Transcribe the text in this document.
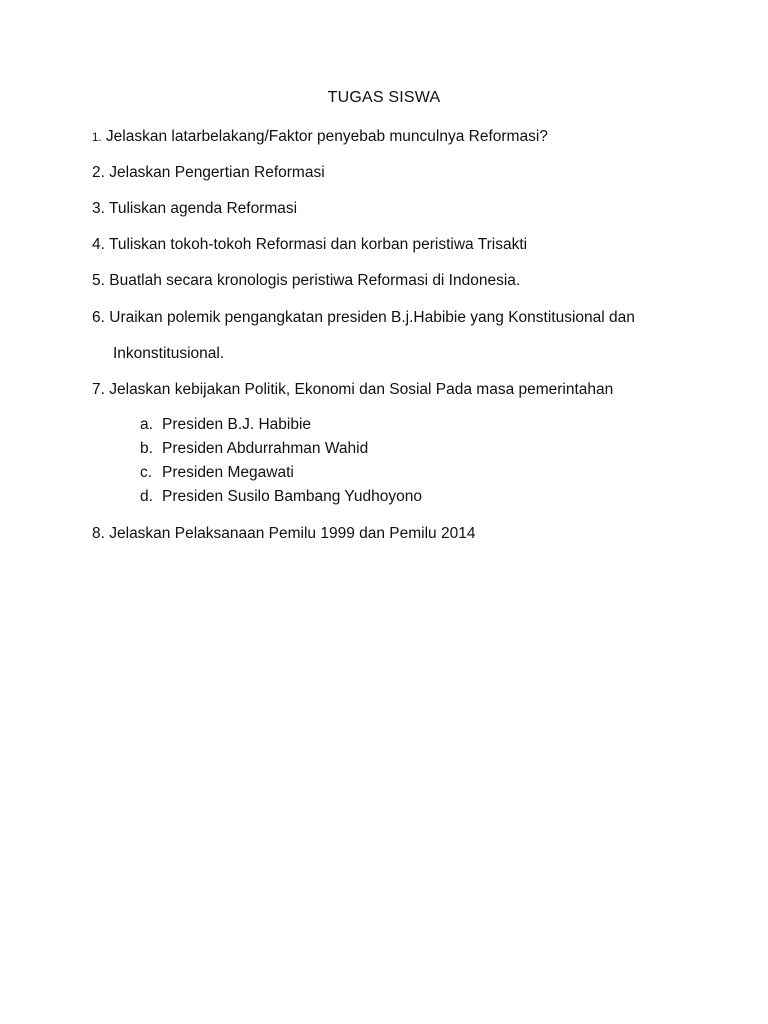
TUGAS SISWA
1. Jelaskan latarbelakang/Faktor penyebab munculnya Reformasi?
2. Jelaskan Pengertian Reformasi
3. Tuliskan agenda Reformasi
4. Tuliskan tokoh-tokoh Reformasi dan korban peristiwa Trisakti
5. Buatlah secara kronologis peristiwa Reformasi di Indonesia.
6. Uraikan polemik pengangkatan presiden B.j.Habibie yang Konstitusional dan
Inkonstitusional.
7. Jelaskan kebijakan Politik, Ekonomi dan Sosial Pada masa pemerintahan
a. Presiden B.J. Habibie
b. Presiden Abdurrahman Wahid
c. Presiden Megawati
d. Presiden Susilo Bambang Yudhoyono
8. Jelaskan Pelaksanaan Pemilu 1999 dan Pemilu 2014
